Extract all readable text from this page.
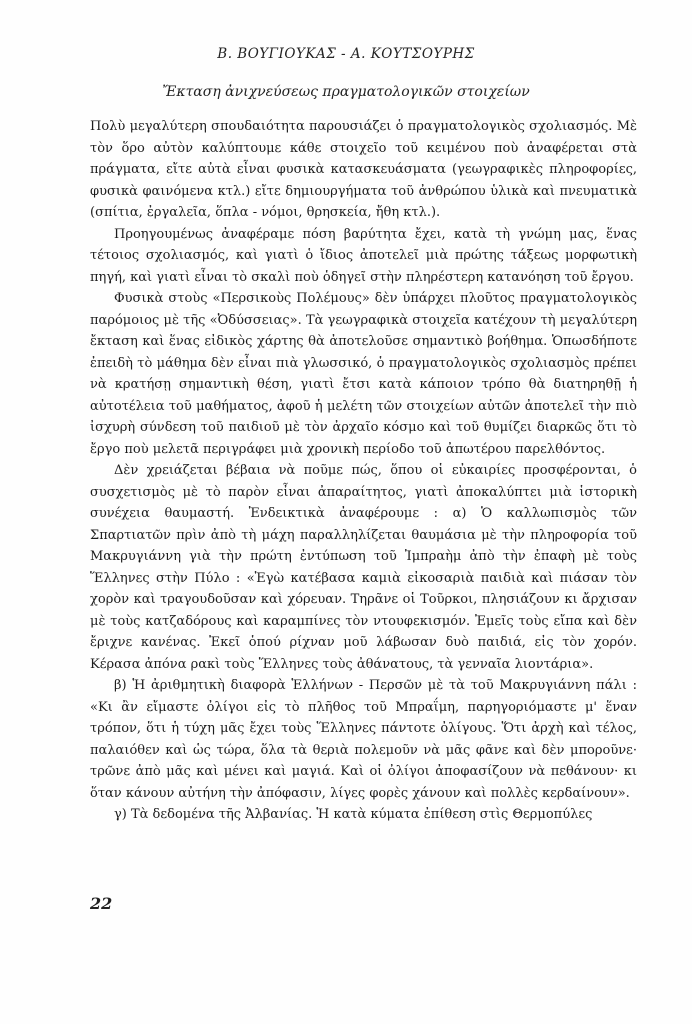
Β. ΒΟΥΓΙΟΥΚΑΣ - Α. ΚΟΥΤΣΟΥΡΗΣ
Ἔκταση ἀνιχνεύσεως πραγματολογικῶν στοιχείων

Πολὺ μεγαλύτερη σπουδαιότητα παρουσιάζει ὁ πραγματολογικὸς σχολιασμός. Μὲ τὸν ὅρο αὐτὸν καλύπτουμε κάθε στοιχεῖο τοῦ κειμένου ποὺ ἀναφέρεται στὰ πράγματα, εἴτε αὐτὰ εἶναι φυσικὰ κατασκευάσματα (γεωγραφικὲς πληροφορίες, φυσικὰ φαινόμενα κτλ.) εἴτε δημιουργήματα τοῦ ἀνθρώπου ὑλικὰ καὶ πνευματικὰ (σπίτια, ἐργαλεῖα, ὅπλα - νόμοι, θρησκεία, ἤθη κτλ.).

Προηγουμένως ἀναφέραμε πόση βαρύτητα ἔχει, κατὰ τὴ γνώμη μας, ἕνας τέτοιος σχολιασμός, καὶ γιατὶ ὁ ἴδιος ἀποτελεῖ μιὰ πρώτης τάξεως μορφωτικὴ πηγή, καὶ γιατὶ εἶναι τὸ σκαλὶ ποὺ ὁδηγεῖ στὴν πληρέστερη κατανόηση τοῦ ἔργου.

Φυσικὰ στοὺς «Περσικοὺς Πολέμους» δὲν ὑπάρχει πλοῦτος πραγματολογικὸς παρόμοιος μὲ τῆς «Ὀδύσσειας». Τὰ γεωγραφικὰ στοιχεῖα κατέχουν τὴ μεγαλύτερη ἔκταση καὶ ἕνας εἰδικὸς χάρτης θὰ ἀποτελοῦσε σημαντικὸ βοήθημα. Ὁπωσδήποτε ἐπειδὴ τὸ μάθημα δὲν εἶναι πιὰ γλωσσικό, ὁ πραγματολογικὸς σχολιασμὸς πρέπει νὰ κρατήσῃ σημαντικὴ θέση, γιατὶ ἔτσι κατὰ κάποιον τρόπο θὰ διατηρηθῇ ἡ αὐτοτέλεια τοῦ μαθήματος, ἀφοῦ ἡ μελέτη τῶν στοιχείων αὐτῶν ἀποτελεῖ τὴν πιὸ ἰσχυρὴ σύνδεση τοῦ παιδιοῦ μὲ τὸν ἀρχαῖο κόσμο καὶ τοῦ θυμίζει διαρκῶς ὅτι τὸ ἔργο ποὺ μελετᾶ περιγράφει μιὰ χρονικὴ περίοδο τοῦ ἀπωτέρου παρελθόντος.

Δὲν χρειάζεται βέβαια νὰ ποῦμε πώς, ὅπου οἱ εὐκαιρίες προσφέρονται, ὁ συσχετισμὸς μὲ τὸ παρὸν εἶναι ἀπαραίτητος, γιατὶ ἀποκαλύπτει μιὰ ἱστορικὴ συνέχεια θαυμαστή. Ἐνδεικτικὰ ἀναφέρουμε : α) Ὁ καλλωπισμὸς τῶν Σπαρτιατῶν πρὶν ἀπὸ τὴ μάχη παραλληλίζεται θαυμάσια μὲ τὴν πληροφορία τοῦ Μακρυγιάννη γιὰ τὴν πρώτη ἐντύπωση τοῦ Ἰμπραὴμ ἀπὸ τὴν ἐπαφὴ μὲ τοὺς Ἕλληνες στὴν Πύλο : «Ἐγὼ κατέβασα καμιὰ εἰκοσαριὰ παιδιὰ καὶ πιάσαν τὸν χορὸν καὶ τραγουδοῦσαν καὶ χόρευαν. Τηρᾶνε οἱ Τοῦρκοι, πλησιάζουν κι ἄρχισαν μὲ τοὺς κατζαδόρους καὶ καραμπίνες τὸν ντουφεκισμόν. Ἐμεῖς τοὺς εἴπα καὶ δὲν ἔριχνε κανένας. Ἐκεῖ ὁπού ρίχναν μοῦ λάβωσαν δυὸ παιδιά, εἰς τὸν χορόν. Κέρασα ἀπόνα ρακὶ τοὺς Ἕλληνες τοὺς ἀθάνατους, τὰ γενναῖα λιοντάρια».

β) Ἡ ἀριθμητικὴ διαφορὰ Ἑλλήνων - Περσῶν μὲ τὰ τοῦ Μακρυγιάννη πάλι : «Κι ἂν εἴμαστε ὀλίγοι εἰς τὸ πλῆθος τοῦ Μπραΐμη, παρηγοριόμαστε μ' ἕναν τρόπον, ὅτι ἡ τύχη μᾶς ἔχει τοὺς Ἕλληνες πάντοτε ὀλίγους. Ὅτι ἀρχὴ καὶ τέλος, παλαιόθεν καὶ ὡς τώρα, ὅλα τὰ θεριὰ πολεμοῦν νὰ μᾶς φᾶνε καὶ δὲν μποροῦνε· τρῶνε ἀπὸ μᾶς καὶ μένει καὶ μαγιά. Καὶ οἱ ὀλίγοι ἀποφασίζουν νὰ πεθάνουν· κι ὅταν κάνουν αὐτήνη τὴν ἀπόφασιν, λίγες φορὲς χάνουν καὶ πολλὲς κερδαίνουν».

γ) Τὰ δεδομένα τῆς Ἀλβανίας. Ἡ κατὰ κύματα ἐπίθεση στὶς Θερμοπύλες

22
